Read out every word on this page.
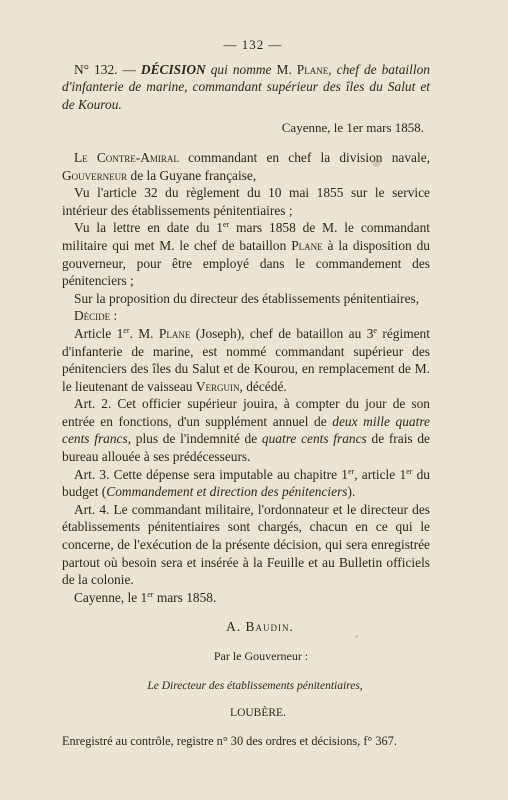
— 132 —

N° 132. — DÉCISION qui nomme M. Plane, chef de bataillon d'infanterie de marine, commandant supérieur des îles du Salut et de Kourou.

Cayenne, le 1er mars 1858.

Le Contre-Amiral commandant en chef la division navale, Gouverneur de la Guyane française,

Vu l'article 32 du règlement du 10 mai 1855 sur le service intérieur des établissements pénitentiaires ;

Vu la lettre en date du 1er mars 1858 de M. le commandant militaire qui met M. le chef de bataillon Plane à la disposition du gouverneur, pour être employé dans le commandement des pénitenciers ;

Sur la proposition du directeur des établissements pénitentiaires,

Décide :

Article 1er. M. Plane (Joseph), chef de bataillon au 3e régiment d'infanterie de marine, est nommé commandant supérieur des pénitenciers des îles du Salut et de Kourou, en remplacement de M. le lieutenant de vaisseau Verguin, décédé.

Art. 2. Cet officier supérieur jouira, à compter du jour de son entrée en fonctions, d'un supplément annuel de deux mille quatre cents francs, plus de l'indemnité de quatre cents francs de frais de bureau allouée à ses prédécesseurs.

Art. 3. Cette dépense sera imputable au chapitre 1er, article 1er du budget (Commandement et direction des pénitenciers).

Art. 4. Le commandant militaire, l'ordonnateur et le directeur des établissements pénitentiaires sont chargés, chacun en ce qui le concerne, de l'exécution de la présente décision, qui sera enregistrée partout où besoin sera et insérée à la Feuille et au Bulletin officiels de la colonie.

Cayenne, le 1er mars 1858.

A. Baudin.
Par le Gouverneur :
Le Directeur des établissements pénitentiaires,
LOUBÈRE.

Enregistré au contrôle, registre n° 30 des ordres et décisions, f° 367.
